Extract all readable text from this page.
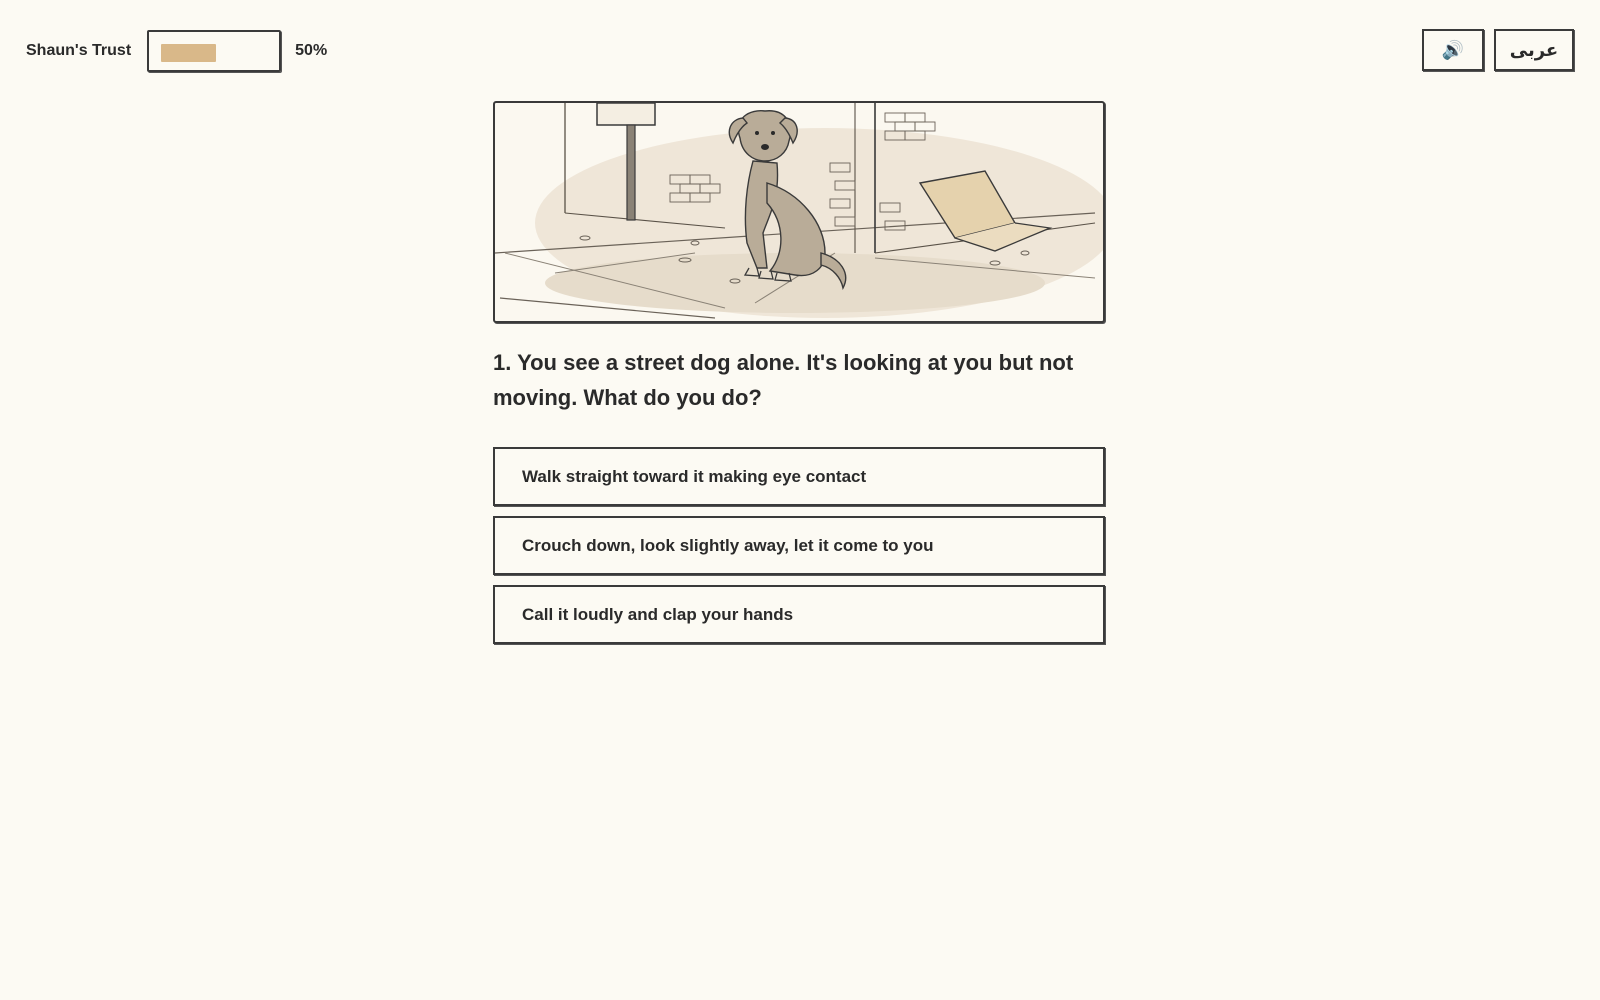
Shaun's Trust	50%	🔊	عربى
1. You see a street dog alone. It's looking at you but not moving. What do you do?
Walk straight toward it making eye contact
Crouch down, look slightly away, let it come to you
Call it loudly and clap your hands
